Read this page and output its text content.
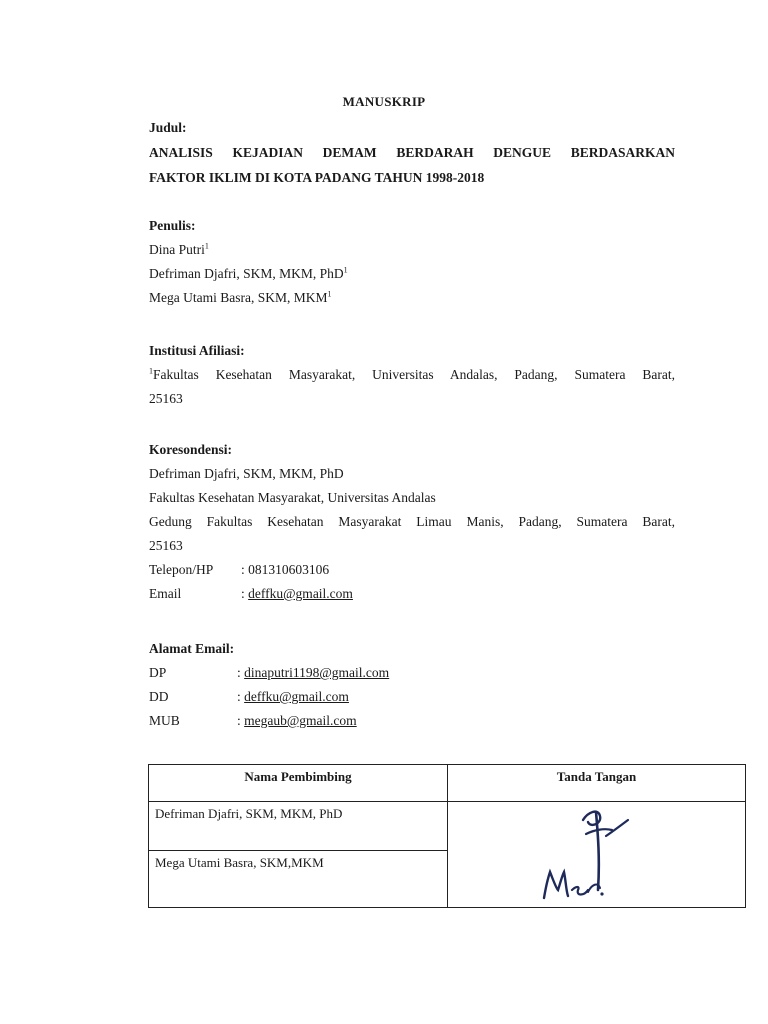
MANUSKRIP
Judul:
ANALISIS KEJADIAN DEMAM BERDARAH DENGUE BERDASARKAN
FAKTOR IKLIM DI KOTA PADANG TAHUN 1998-2018
Penulis:
Dina Putri$^1$
Defriman Djafri, SKM, MKM, PhD$^1$
Mega Utami Basra, SKM, MKM$^1$
Institusi Afiliasi:
$^1$Fakultas Kesehatan Masyarakat, Universitas Andalas, Padang, Sumatera Barat,
25163
Koresondensi:
Defriman Djafri, SKM, MKM, PhD
Fakultas Kesehatan Masyarakat, Universitas Andalas
Gedung Fakultas Kesehatan Masyarakat Limau Manis, Padang, Sumatera Barat,
25163
Telepon/HP	: 081310603106
Email	: deffku@gmail.com
Alamat Email:
DP	: dinaputri1198@gmail.com
DD	: deffku@gmail.com
MUB	: megaub@gmail.com
Nama Pembimbing	Tanda Tangan
Defriman Djafri, SKM, MKM, PhD	

Mega Utami Basra, SKM,MKM	
